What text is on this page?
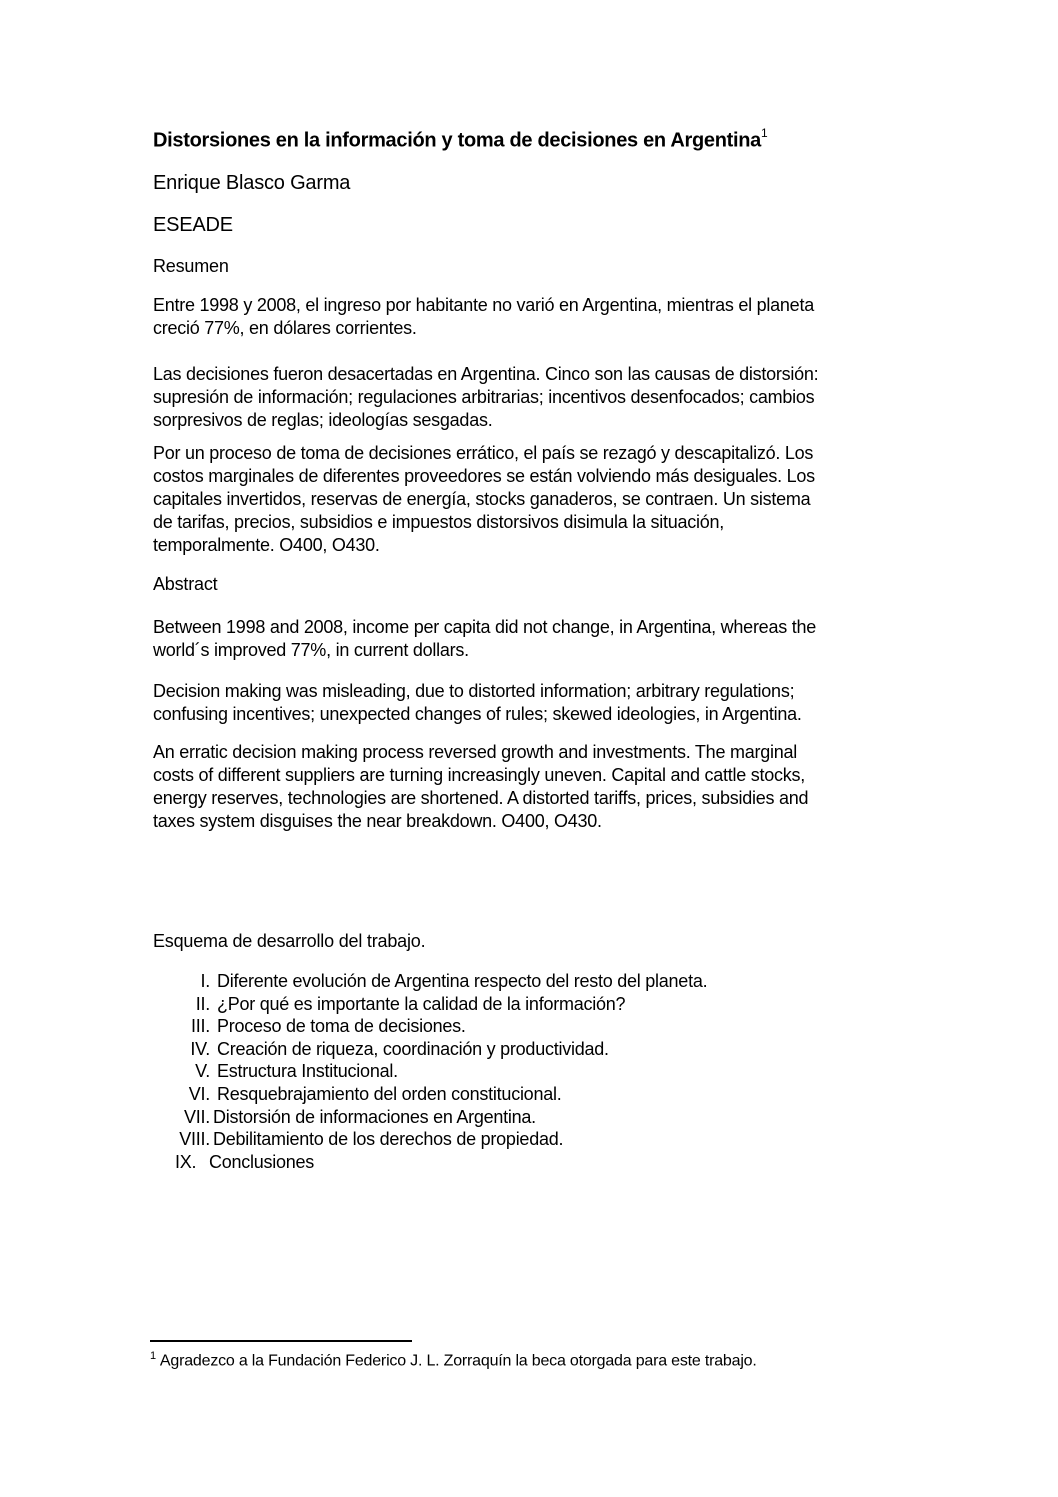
Distorsiones en la información y toma de decisiones en Argentina$^1$
Enrique Blasco Garma
ESEADE
Resumen

Entre 1998 y 2008, el ingreso por habitante no varió en Argentina, mientras el planeta
creció 77%, en dólares corrientes.

Las decisiones fueron desacertadas en Argentina. Cinco son las causas de distorsión:
supresión de información; regulaciones arbitrarias; incentivos desenfocados; cambios
sorpresivos de reglas; ideologías sesgadas.

Por un proceso de toma de decisiones errático, el país se rezagó y descapitalizó. Los
costos marginales de diferentes proveedores se están volviendo más desiguales. Los
capitales invertidos, reservas de energía, stocks ganaderos, se contraen. Un sistema
de tarifas, precios, subsidios e impuestos distorsivos disimula la situación,
temporalmente. O400, O430.

Abstract

Between 1998 and 2008, income per capita did not change, in Argentina, whereas the
world´s improved 77%, in current dollars.

Decision making was misleading, due to distorted information; arbitrary regulations;
confusing incentives; unexpected changes of rules; skewed ideologies, in Argentina.

An erratic decision making process reversed growth and investments. The marginal
costs of different suppliers are turning increasingly uneven. Capital and cattle stocks,
energy reserves, technologies are shortened. A distorted tariffs, prices, subsidies and
taxes system disguises the near breakdown. O400, O430.

Esquema de desarrollo del trabajo.
I. Diferente evolución de Argentina respecto del resto del planeta.
II. ¿Por qué es importante la calidad de la información?
III. Proceso de toma de decisiones.
IV. Creación de riqueza, coordinación y productividad.
V. Estructura Institucional.
VI. Resquebrajamiento del orden constitucional.
VII. Distorsión de informaciones en Argentina.
VIII. Debilitamiento de los derechos de propiedad.
IX. Conclusiones
$^1$ Agradezco a la Fundación Federico J. L. Zorraquín la beca otorgada para este trabajo.
